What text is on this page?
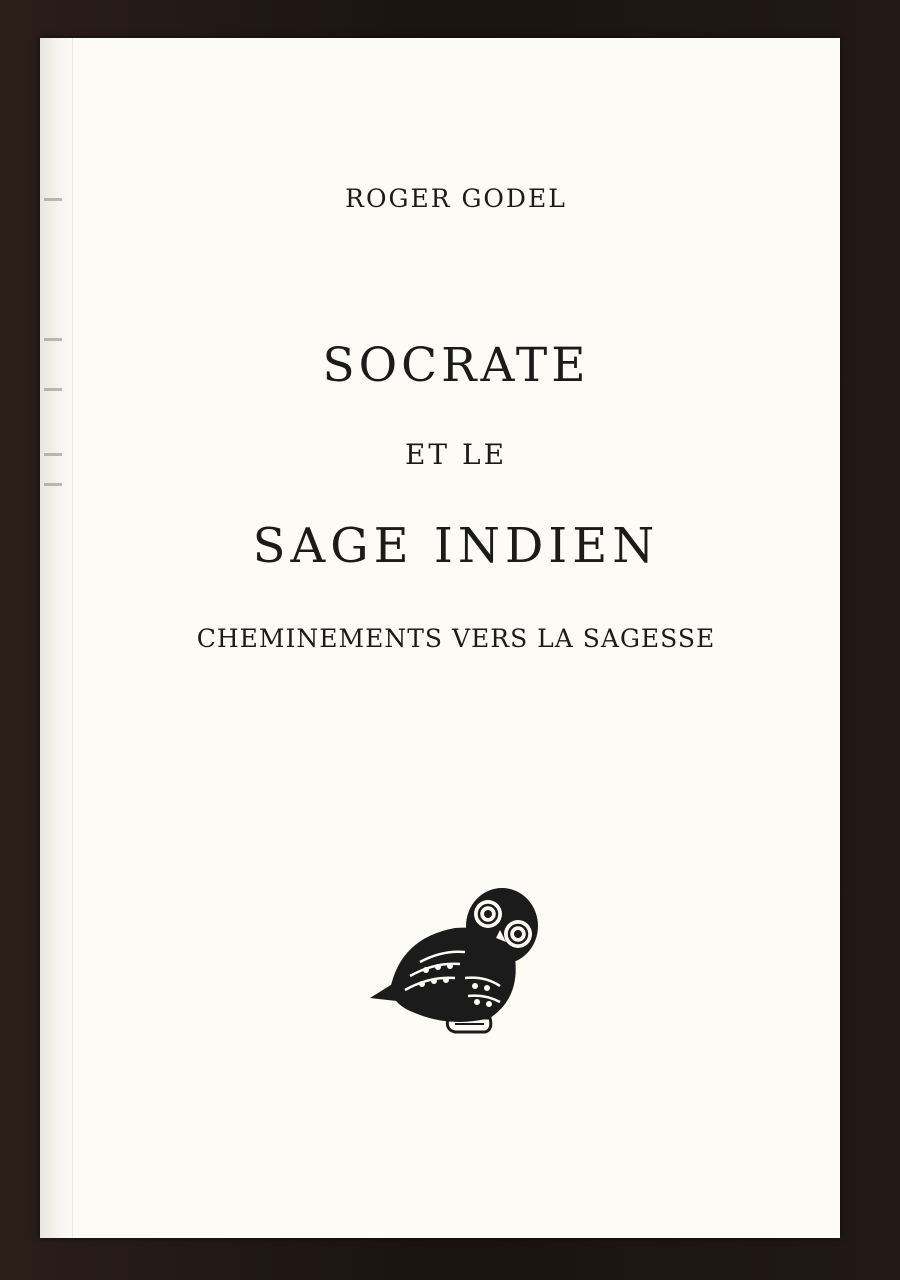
ROGER GODEL
SOCRATE
ET LE
SAGE INDIEN
CHEMINEMENTS VERS LA SAGESSE
